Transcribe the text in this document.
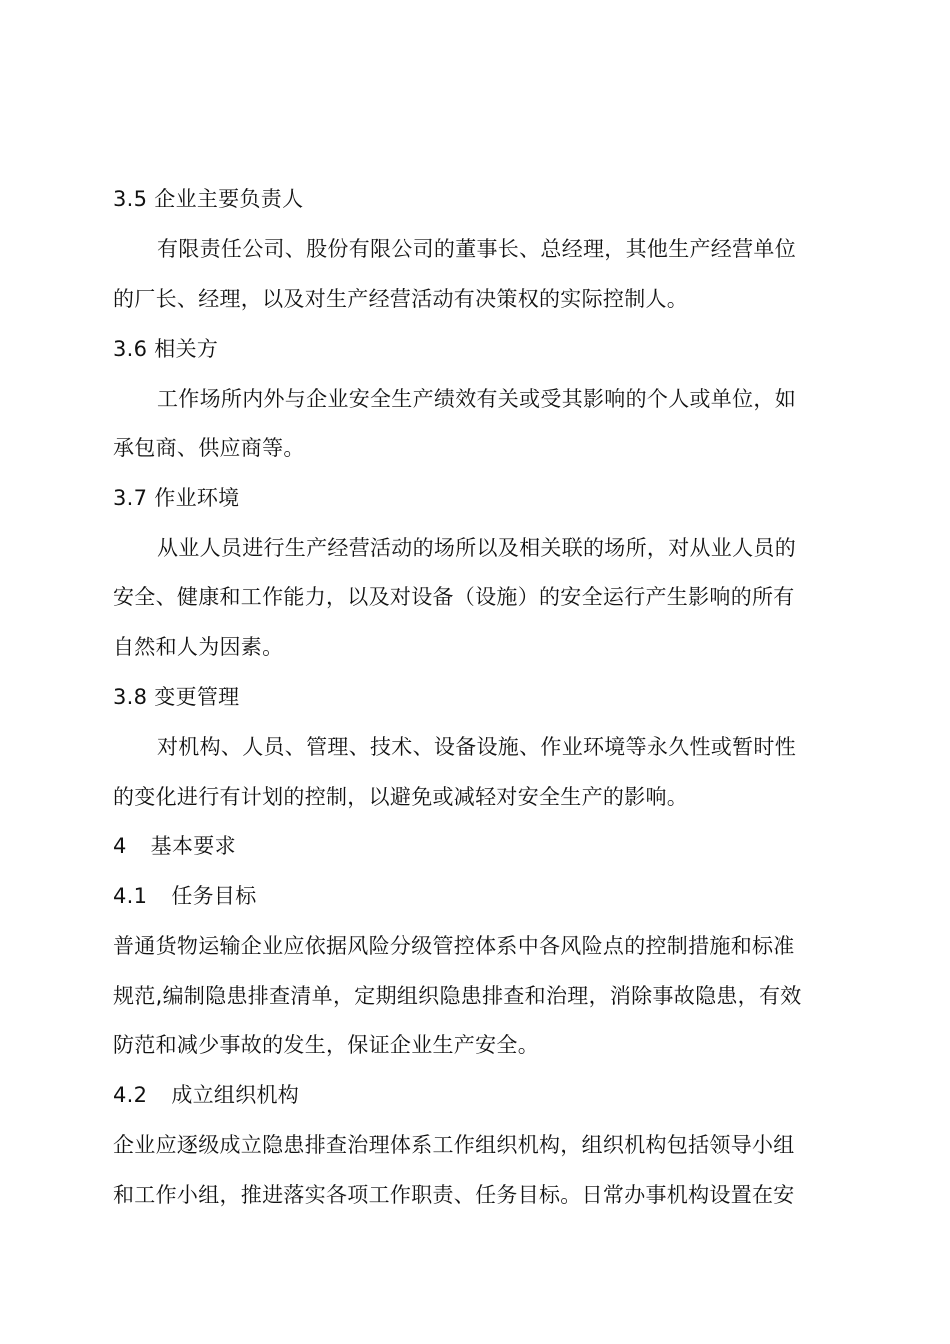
3.5 企业主要负责人
有限责任公司、股份有限公司的董事长、总经理，其他生产经营单位
的厂长、经理，以及对生产经营活动有决策权的实际控制人。
3.6 相关方
工作场所内外与企业安全生产绩效有关或受其影响的个人或单位，如
承包商、供应商等。
3.7 作业环境
从业人员进行生产经营活动的场所以及相关联的场所，对从业人员的
安全、健康和工作能力，以及对设备（设施）的安全运行产生影响的所有
自然和人为因素。
3.8 变更管理
对机构、人员、管理、技术、设备设施、作业环境等永久性或暂时性
的变化进行有计划的控制，以避免或减轻对安全生产的影响。
4 基本要求
4.1 任务目标
普通货物运输企业应依据风险分级管控体系中各风险点的控制措施和标准
规范,编制隐患排查清单，定期组织隐患排查和治理，消除事故隐患，有效
防范和减少事故的发生，保证企业生产安全。
4.2 成立组织机构
企业应逐级成立隐患排查治理体系工作组织机构，组织机构包括领导小组
和工作小组，推进落实各项工作职责、任务目标。日常办事机构设置在安
